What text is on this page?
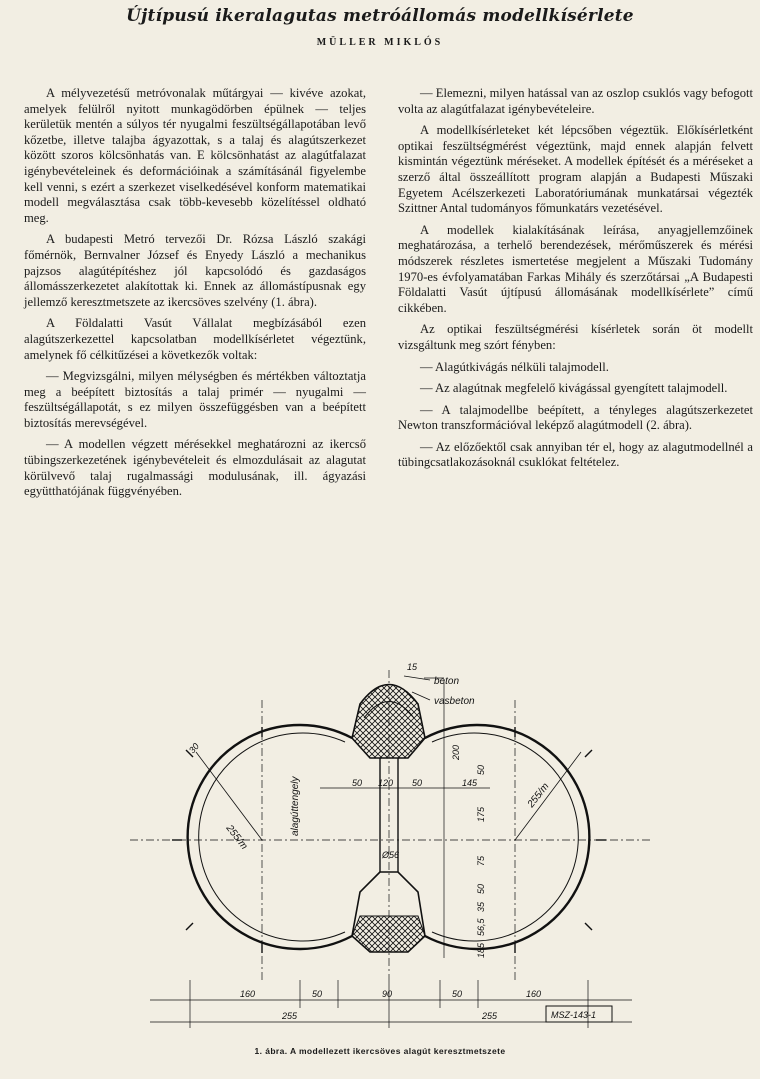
Újtípusú ikeralagutas metróállomás modellkísérlete
MÜLLER MIKLÓS

A mélyvezetésű metróvonalak műtárgyai — kivéve azokat, amelyek felülről nyitott munkagödörben épülnek — teljes kerületük mentén a súlyos tér nyugalmi feszültségállapotában levő kőzetbe, illetve talajba ágyazottak, s a talaj és alagútszerkezet között szoros kölcsönhatás van. E kölcsönhatást az alagútfalazat igénybevételeinek és deformációinak a számításánál figyelembe kell venni, s ezért a szerkezet viselkedésével konform matematikai modell megválasztása csak több-kevesebb közelítéssel oldható meg.

A budapesti Metró tervezői Dr. Rózsa László szakági főmérnök, Bernvalner József és Enyedy László a mechanikus pajzsos alagútépítéshez jól kapcsolódó és gazdaságos állomásszerkezetet alakítottak ki. Ennek az állomástípusnak egy jellemző keresztmetszete az ikercsöves szelvény (1. ábra).

A Földalatti Vasút Vállalat megbízásából ezen alagútszerkezettel kapcsolatban modellkísérletet végeztünk, amelynek fő célkitűzései a következők voltak:

— Megvizsgálni, milyen mélységben és mértékben változtatja meg a beépített biztosítás a talaj primér — nyugalmi — feszültségállapotát, s ez milyen összefüggésben van a beépített biztosítás merevségével.

— A modellen végzett mérésekkel meghatározni az ikercső tübingszerkezetének igénybevételeit és elmozdulásait az alagutat körülvevő talaj rugalmassági modulusának, ill. ágyazási együtthatójának függvényében.

— Elemezni, milyen hatással van az oszlop csuklós vagy befogott volta az alagútfalazat igénybevételeire.

A modellkísérleteket két lépcsőben végeztük. Előkísérletként optikai feszültségmérést végeztünk, majd ennek alapján felvett kismintán végeztünk méréseket. A modellek építését és a méréseket a szerző által összeállított program alapján a Budapesti Műszaki Egyetem Acélszerkezeti Laboratóriumának munkatársai végezték Szittner Antal tudományos főmunkatárs vezetésével.

A modellek kialakításának leírása, anyagjellemzőinek meghatározása, a terhelő berendezések, mérőműszerek és mérési módszerek részletes ismertetése megjelent a Műszaki Tudomány 1970-es évfolyamatában Farkas Mihály és szerzőtársai „A Budapesti Földalatti Vasút újtípusú állomásának modellkísérlete” című cikkében.

Az optikai feszültségmérési kísérletek során öt modellt vizsgáltunk meg szórt fényben:

— Alagútkivágás nélküli talajmodell.

— Az alagútnak megfelelő kivágással gyengített talajmodell.

— A talajmodellbe beépített, a tényleges alagútszerkezetet Newton transzformációval leképző alagútmodell (2. ábra).

— Az előzőektől csak annyiban tér el, hogy az alagutmodellnél a tübingcsatlakozásoknál csuklókat feltételez.

beton
vasbeton
15
30	200
alagúttengely
255/m
255/m
50 120 50	145
50
175
75
50
35
56,5
185
Ø56
160	50	90	50	160
255	255	MSZ-143-1
1. ábra. A modellezett ikercsöves alagút keresztmetszete
